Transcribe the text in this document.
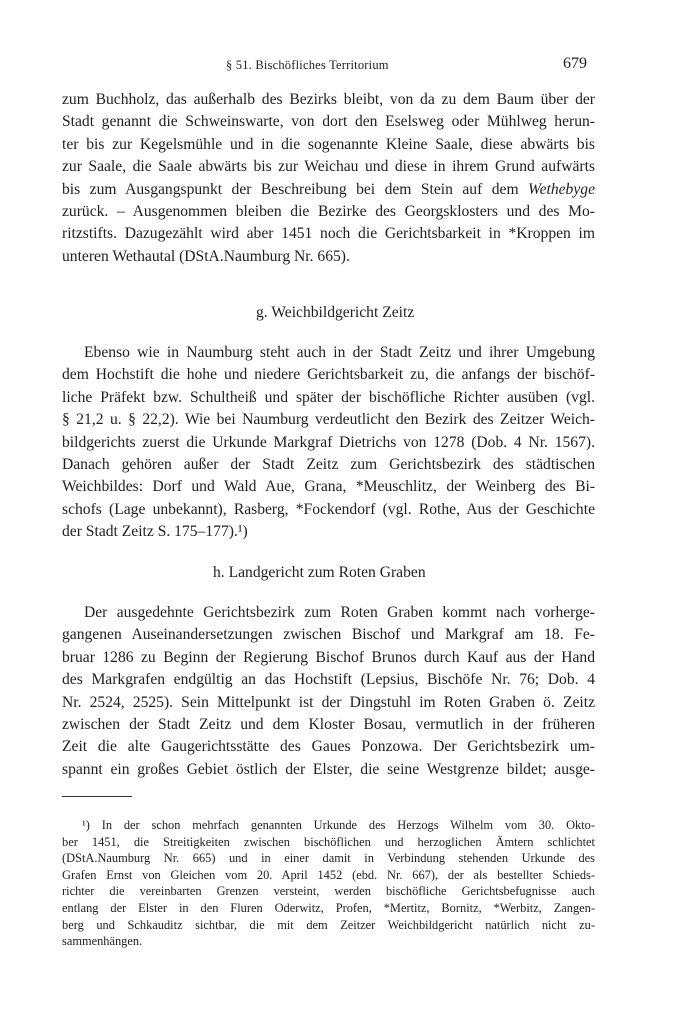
§ 51. Bischöfliches Territorium	679
zum Buchholz, das außerhalb des Bezirks bleibt, von da zu dem Baum über der
Stadt genannt die Schweinswarte, von dort den Eselsweg oder Mühlweg herun-
ter bis zur Kegelsmühle und in die sogenannte Kleine Saale, diese abwärts bis
zur Saale, die Saale abwärts bis zur Weichau und diese in ihrem Grund aufwärts
bis zum Ausgangspunkt der Beschreibung bei dem Stein auf dem Wethebyge
zurück. – Ausgenommen bleiben die Bezirke des Georgsklosters und des Mo-
ritzstifts. Dazugezählt wird aber 1451 noch die Gerichtsbarkeit in *Kroppen im
unteren Wethautal (DStA.Naumburg Nr. 665).
g. Weichbildgericht Zeitz
Ebenso wie in Naumburg steht auch in der Stadt Zeitz und ihrer Umgebung
dem Hochstift die hohe und niedere Gerichtsbarkeit zu, die anfangs der bischöf-
liche Präfekt bzw. Schultheiß und später der bischöfliche Richter ausüben (vgl.
§ 21,2 u. § 22,2). Wie bei Naumburg verdeutlicht den Bezirk des Zeitzer Weich-
bildgerichts zuerst die Urkunde Markgraf Dietrichs von 1278 (Dob. 4 Nr. 1567).
Danach gehören außer der Stadt Zeitz zum Gerichtsbezirk des städtischen
Weichbildes: Dorf und Wald Aue, Grana, *Meuschlitz, der Weinberg des Bi-
schofs (Lage unbekannt), Rasberg, *Fockendorf (vgl. Rothe, Aus der Geschichte
der Stadt Zeitz S. 175–177).¹)
h. Landgericht zum Roten Graben
Der ausgedehnte Gerichtsbezirk zum Roten Graben kommt nach vorherge-
gangenen Auseinandersetzungen zwischen Bischof und Markgraf am 18. Fe-
bruar 1286 zu Beginn der Regierung Bischof Brunos durch Kauf aus der Hand
des Markgrafen endgültig an das Hochstift (Lepsius, Bischöfe Nr. 76; Dob. 4
Nr. 2524, 2525). Sein Mittelpunkt ist der Dingstuhl im Roten Graben ö. Zeitz
zwischen der Stadt Zeitz und dem Kloster Bosau, vermutlich in der früheren
Zeit die alte Gaugerichtsstätte des Gaues Ponzowa. Der Gerichtsbezirk um-
spannt ein großes Gebiet östlich der Elster, die seine Westgrenze bildet; ausge-
¹) In der schon mehrfach genannten Urkunde des Herzogs Wilhelm vom 30. Okto-
ber 1451, die Streitigkeiten zwischen bischöflichen und herzoglichen Ämtern schlichtet
(DStA.Naumburg Nr. 665) und in einer damit in Verbindung stehenden Urkunde des
Grafen Ernst von Gleichen vom 20. April 1452 (ebd. Nr. 667), der als bestellter Schieds-
richter die vereinbarten Grenzen versteint, werden bischöfliche Gerichtsbefugnisse auch
entlang der Elster in den Fluren Oderwitz, Profen, *Mertitz, Bornitz, *Werbitz, Zangen-
berg und Schkauditz sichtbar, die mit dem Zeitzer Weichbildgericht natürlich nicht zu-
sammenhängen.
